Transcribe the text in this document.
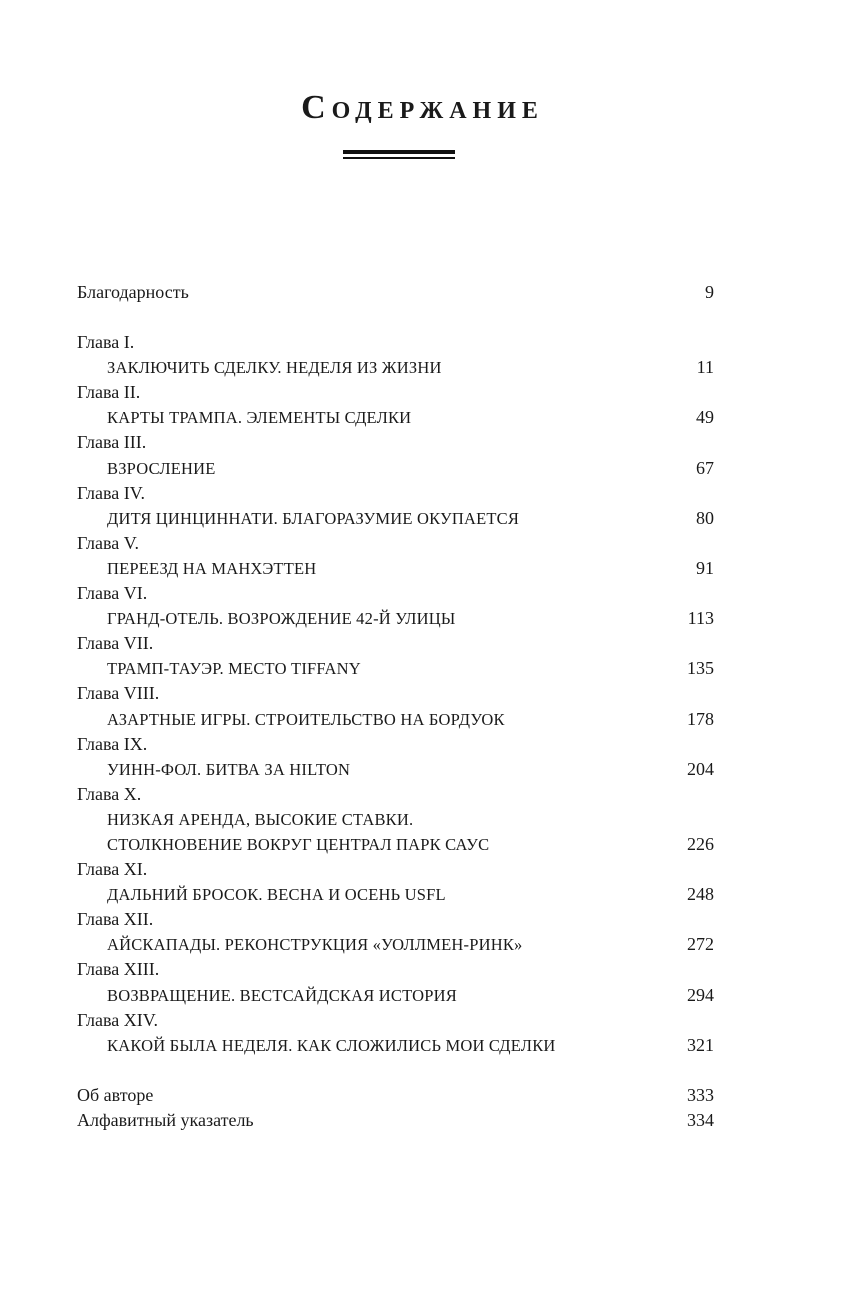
Содержание
Благодарность	9
Глава I.
ЗАКЛЮЧИТЬ СДЕЛКУ. НЕДЕЛЯ ИЗ ЖИЗНИ	11
Глава II.
КАРТЫ ТРАМПА. ЭЛЕМЕНТЫ СДЕЛКИ	49
Глава III.
ВЗРОСЛЕНИЕ	67
Глава IV.
ДИТЯ ЦИНЦИННАТИ. БЛАГОРАЗУМИЕ ОКУПАЕТСЯ	80
Глава V.
ПЕРЕЕЗД НА МАНХЭТТЕН	91
Глава VI.
ГРАНД-ОТЕЛЬ. ВОЗРОЖДЕНИЕ 42-Й УЛИЦЫ	113
Глава VII.
ТРАМП-ТАУЭР. МЕСТО TIFFANY	135
Глава VIII.
АЗАРТНЫЕ ИГРЫ. СТРОИТЕЛЬСТВО НА БОРДУОК	178
Глава IX.
УИНН-ФОЛ. БИТВА ЗА HILTON	204
Глава X.
НИЗКАЯ АРЕНДА, ВЫСОКИЕ СТАВКИ.
СТОЛКНОВЕНИЕ ВОКРУГ ЦЕНТРАЛ ПАРК САУС	226
Глава XI.
ДАЛЬНИЙ БРОСОК. ВЕСНА И ОСЕНЬ USFL	248
Глава XII.
АЙСКАПАДЫ. РЕКОНСТРУКЦИЯ «УОЛЛМЕН-РИНК»	272
Глава XIII.
ВОЗВРАЩЕНИЕ. ВЕСТСАЙДСКАЯ ИСТОРИЯ	294
Глава XIV.
КАКОЙ БЫЛА НЕДЕЛЯ. КАК СЛОЖИЛИСЬ МОИ СДЕЛКИ	321
Об авторе	333
Алфавитный указатель	334
